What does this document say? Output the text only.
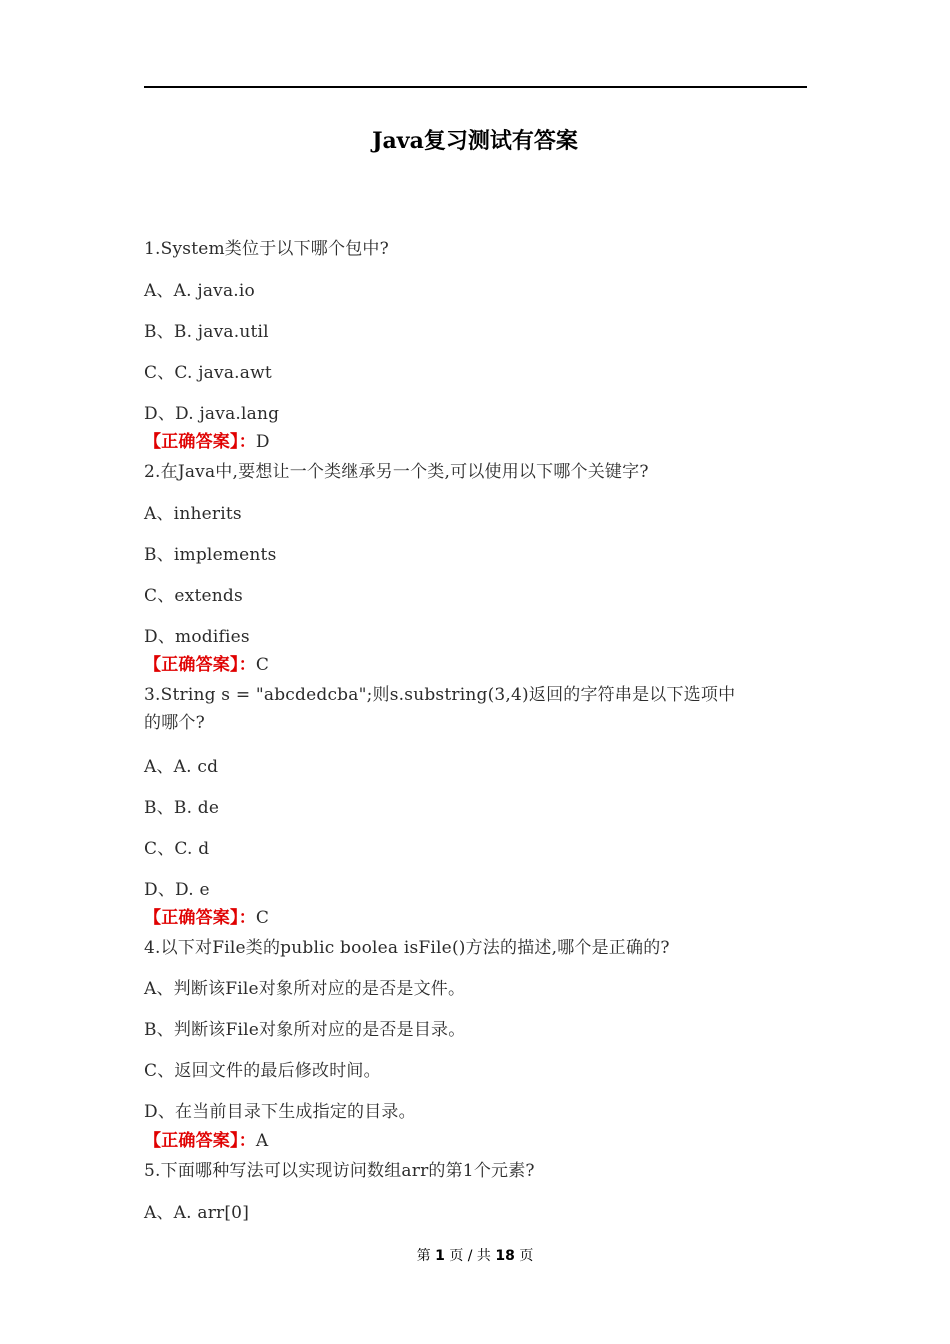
Java复习测试有答案
1.System类位于以下哪个包中?
A、A. java.io
B、B. java.util
C、C. java.awt
D、D. java.lang
【正确答案】：D
2.在Java中,要想让一个类继承另一个类,可以使用以下哪个关键字?
A、inherits
B、implements
C、extends
D、modifies
【正确答案】：C
3.String s = "abcdedcba";则s.substring(3,4)返回的字符串是以下选项中
的哪个?
A、A. cd
B、B. de
C、C. d
D、D. e
【正确答案】：C
4.以下对File类的public boolea isFile()方法的描述,哪个是正确的?
A、判断该File对象所对应的是否是文件。
B、判断该File对象所对应的是否是目录。
C、返回文件的最后修改时间。
D、在当前目录下生成指定的目录。
【正确答案】：A
5.下面哪种写法可以实现访问数组arr的第1个元素?
A、A. arr[0]
第 1 页 / 共 18 页
